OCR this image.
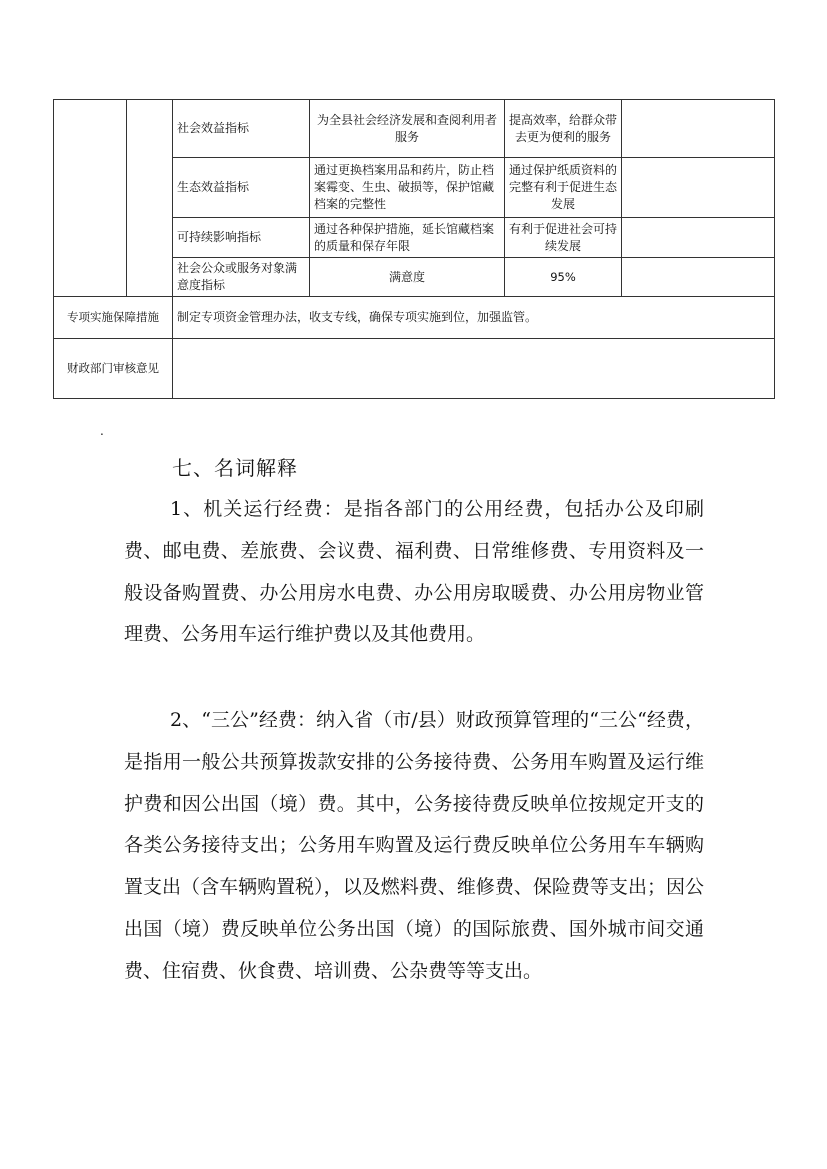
		社会效益指标	为全县社会经济发展和查阅利用者服务	提高效率，给群众带去更为便利的服务	
		生态效益指标	通过更换档案用品和药片，防止档案霉变、生虫、破损等，保护馆藏档案的完整性	通过保护纸质资料的完整有利于促进生态发展	
		可持续影响指标	通过各种保护措施，延长馆藏档案的质量和保存年限	有利于促进社会可持续发展	
		社会公众或服务对象满意度指标	满意度	95%	
专项实施保障措施		制定专项资金管理办法，收支专线，确保专项实施到位，加强监管。			
财政部门审核意见	
.
七、名词解释

1、机关运行经费：是指各部门的公用经费，包括办公及印刷费、邮电费、差旅费、会议费、福利费、日常维修费、专用资料及一般设备购置费、办公用房水电费、办公用房取暖费、办公用房物业管理费、公务用车运行维护费以及其他费用。

2、“三公”经费：纳入省（市/县）财政预算管理的“三公“经费，是指用一般公共预算拨款安排的公务接待费、公务用车购置及运行维护费和因公出国（境）费。其中，公务接待费反映单位按规定开支的各类公务接待支出；公务用车购置及运行费反映单位公务用车车辆购置支出（含车辆购置税），以及燃料费、维修费、保险费等支出；因公出国（境）费反映单位公务出国（境）的国际旅费、国外城市间交通费、住宿费、伙食费、培训费、公杂费等等支出。
